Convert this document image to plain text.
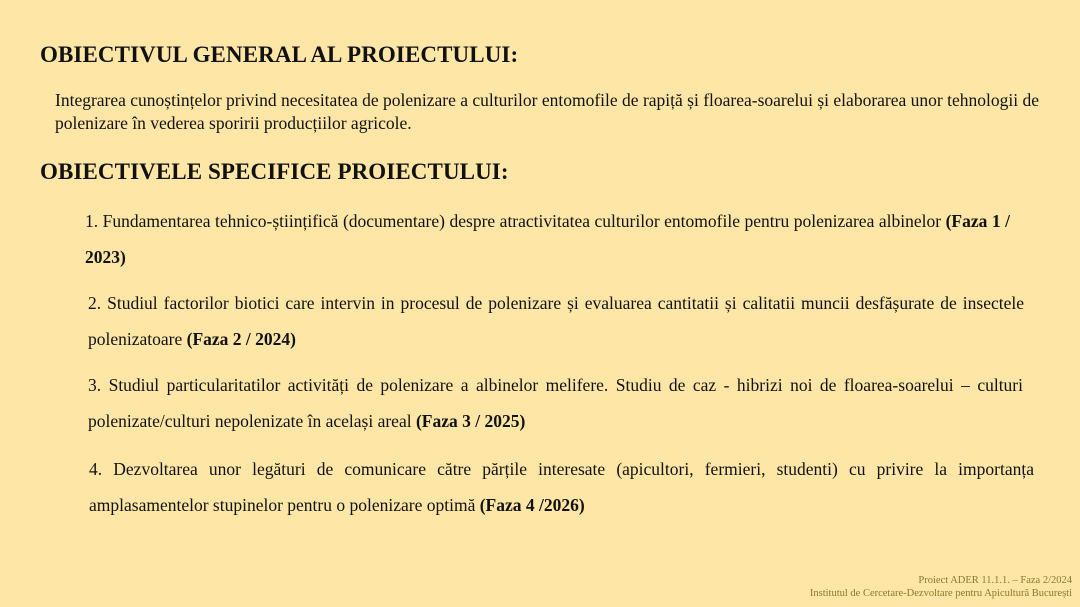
OBIECTIVUL GENERAL AL PROIECTULUI:
Integrarea cunoștințelor privind necesitatea de polenizare a culturilor entomofile de rapiță și floarea-soarelui și elaborarea unor tehnologii de polenizare în vederea sporirii producțiilor agricole.
OBIECTIVELE SPECIFICE PROIECTULUI:
1. Fundamentarea tehnico-științifică (documentare) despre atractivitatea culturilor entomofile pentru polenizarea albinelor (Faza 1 / 2023)
2. Studiul factorilor biotici care intervin in procesul de polenizare și evaluarea cantitatii și calitatii muncii desfășurate de insectele polenizatoare (Faza 2 / 2024)
3. Studiul particularitatilor activități de polenizare a albinelor melifere. Studiu de caz - hibrizi noi de floarea-soarelui – culturi polenizate/culturi nepolenizate în același areal (Faza 3 / 2025)
4. Dezvoltarea unor legături de comunicare către părțile interesate (apicultori, fermieri, studenti) cu privire la importanța amplasamentelor stupinelor pentru o polenizare optimă (Faza 4 /2026)
Proiect ADER 11.1.1. – Faza 2/2024
Institutul de Cercetare-Dezvoltare pentru Apicultură București
